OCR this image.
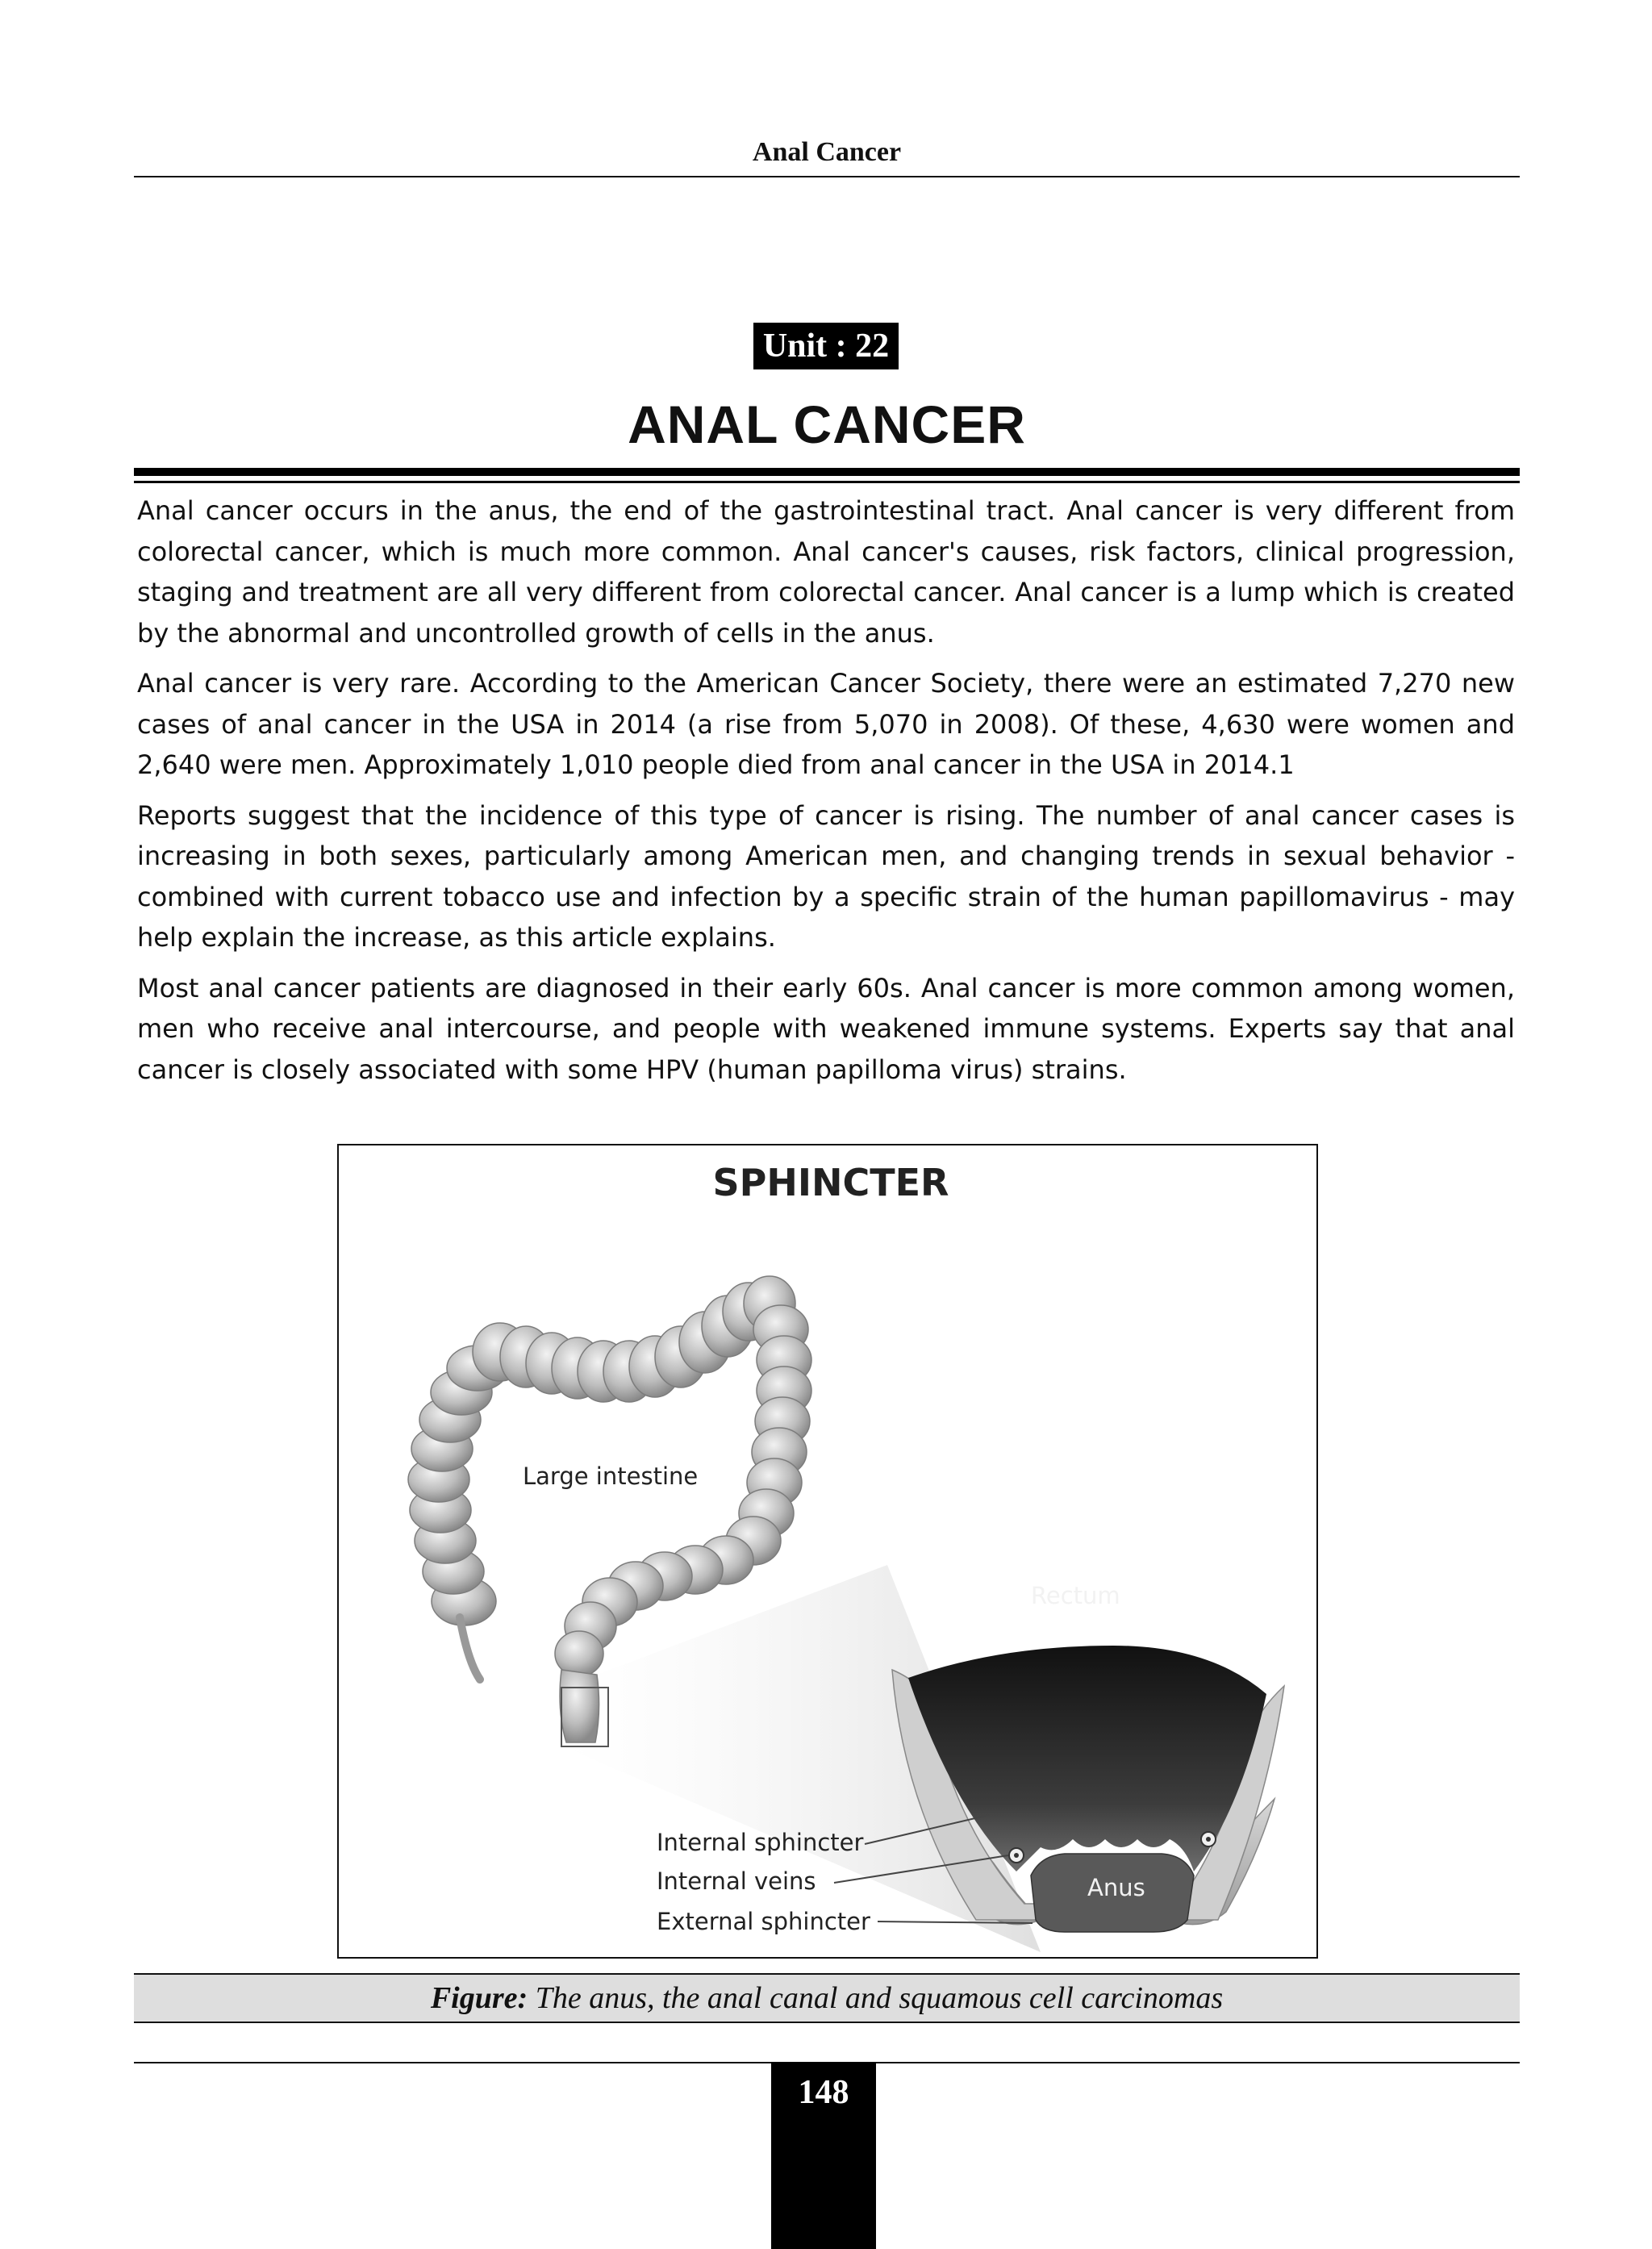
Anal Cancer
Unit : 22
ANAL CANCER

Anal cancer occurs in the anus, the end of the gastrointestinal tract. Anal cancer is very different from colorectal cancer, which is much more common. Anal cancer's causes, risk factors, clinical progression, staging and treatment are all very different from colorectal cancer. Anal cancer is a lump which is created by the abnormal and uncontrolled growth of cells in the anus.

Anal cancer is very rare. According to the American Cancer Society, there were an estimated 7,270 new cases of anal cancer in the USA in 2014 (a rise from 5,070 in 2008). Of these, 4,630 were women and 2,640 were men. Approximately 1,010 people died from anal cancer in the USA in 2014.1

Reports suggest that the incidence of this type of cancer is rising. The number of anal cancer cases is increasing in both sexes, particularly among American men, and changing trends in sexual behavior - combined with current tobacco use and infection by a specific strain of the human papillomavirus - may help explain the increase, as this article explains.

Most anal cancer patients are diagnosed in their early 60s. Anal cancer is more common among women, men who receive anal intercourse, and people with weakened immune systems. Experts say that anal cancer is closely associated with some HPV (human papilloma virus) strains.

SPHINCTER
Large intestine
Rectum
Anus
Internal sphincter
Internal veins
External sphincter
Figure: The anus, the anal canal and squamous cell carcinomas
148
